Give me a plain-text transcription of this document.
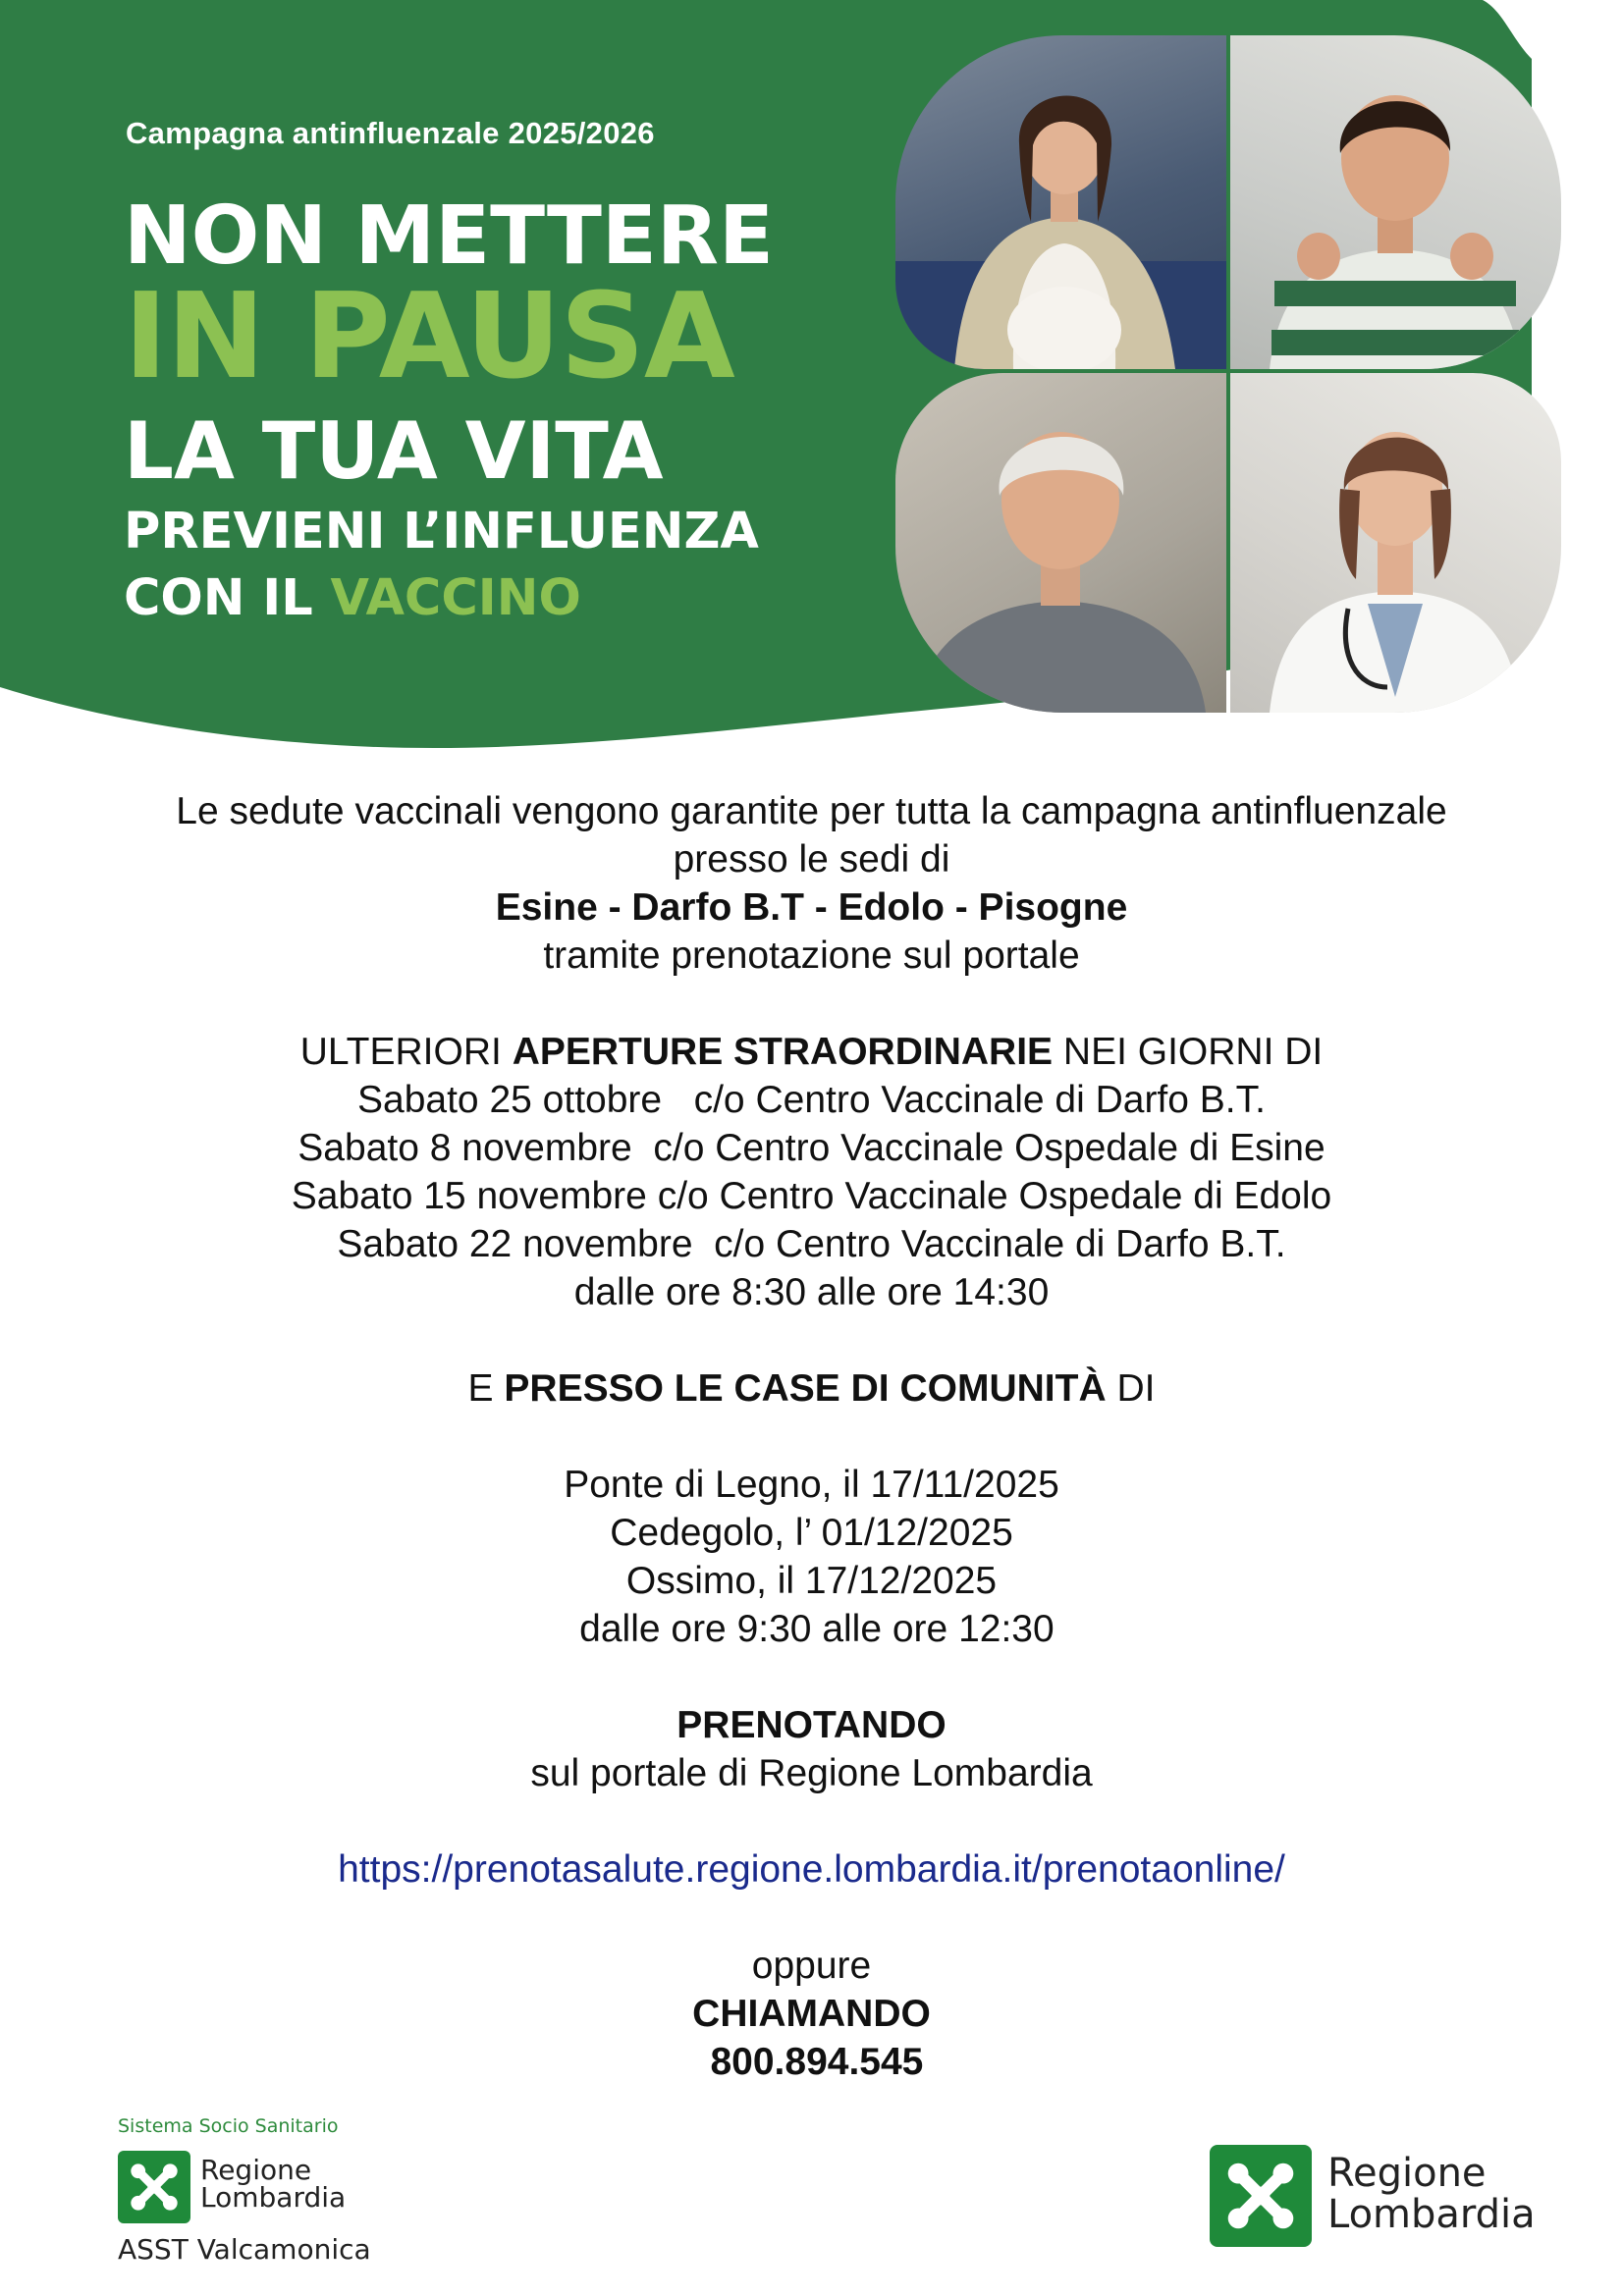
Campagna antinfluenzale 2025/2026
NON METTERE
IN PAUSA
LA TUA VITA
PREVIENI L’INFLUENZA
CON IL VACCINO
Le sedute vaccinali vengono garantite per tutta la campagna antinfluenzale
presso le sedi di
Esine - Darfo B.T - Edolo - Pisogne
tramite prenotazione sul portale
ULTERIORI APERTURE STRAORDINARIE NEI GIORNI DI
Sabato 25 ottobre   c/o Centro Vaccinale di Darfo B.T.
Sabato 8 novembre  c/o Centro Vaccinale Ospedale di Esine
Sabato 15 novembre c/o Centro Vaccinale Ospedale di Edolo
Sabato 22 novembre  c/o Centro Vaccinale di Darfo B.T.
dalle ore 8:30 alle ore 14:30
E PRESSO LE CASE DI COMUNITÀ DI
Ponte di Legno, il 17/11/2025
Cedegolo, l’ 01/12/2025
Ossimo, il 17/12/2025
dalle ore 9:30 alle ore 12:30
PRENOTANDO
sul portale di Regione Lombardia
https://prenotasalute.regione.lombardia.it/prenotaonline/
oppure
CHIAMANDO
800.894.545
Sistema Socio Sanitario
Regione
Lombardia
ASST Valcamonica
Regione
Lombardia
